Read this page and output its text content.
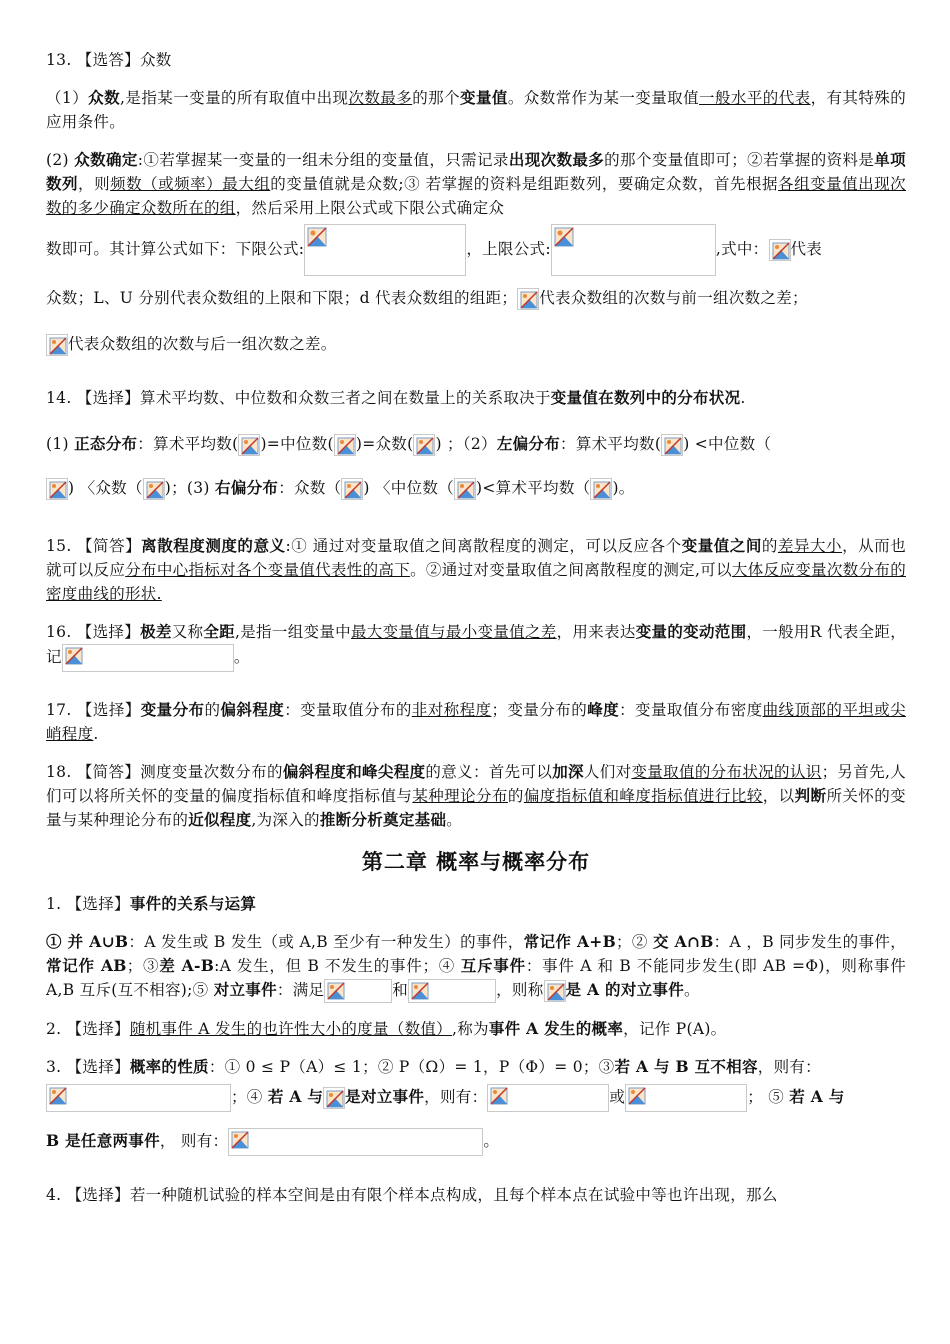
13. 【选答】众数

（1）众数,是指某一变量的所有取值中出现次数最多的那个变量值。众数常作为某一变量取值一般水平的代表，有其特殊的应用条件。

(2) 众数确定:①若掌握某一变量的一组未分组的变量值，只需记录出现次数最多的那个变量值即可；②若掌握的资料是单项数列，则频数（或频率）最大组的变量值就是众数;③ 若掌握的资料是组距数列，要确定众数，首先根据各组变量值出现次数的多少确定众数所在的组，然后采用上限公式或下限公式确定众

数即可。其计算公式如下：下限公式:	，上限公式:	,式中： 代表

众数；L、U 分别代表众数组的上限和下限；d 代表众数组的组距； 代表众数组的次数与前一组次数之差；

代表众数组的次数与后一组次数之差。

14. 【选择】算术平均数、中位数和众数三者之间在数量上的关系取决于变量值在数列中的分布状况.

(1) 正态分布：算术平均数( )=中位数( )=众数( ) ；（2）左偏分布：算术平均数( ) <中位数（

) 〈众数（ )；(3) 右偏分布：众数（ ) 〈中位数（ )<算术平均数（ )。

15. 【简答】离散程度测度的意义:① 通过对变量取值之间离散程度的测定，可以反应各个变量值之间的差异大小，从而也就可以反应分布中心指标对各个变量值代表性的高下。②通过对变量取值之间离散程度的测定,可以大体反应变量次数分布的密度曲线的形状.

16. 【选择】极差又称全距,是指一组变量中最大变量值与最小变量值之差，用来表达变量的变动范围，一般用R 代表全距，记	。

17. 【选择】变量分布的偏斜程度：变量取值分布的非对称程度；变量分布的峰度：变量取值分布密度曲线顶部的平坦或尖峭程度.

18. 【简答】测度变量次数分布的偏斜程度和峰尖程度的意义：首先可以加深人们对变量取值的分布状况的认识；另首先,人们可以将所关怀的变量的偏度指标值和峰度指标值与某种理论分布的偏度指标值和峰度指标值进行比较，以判断所关怀的变量与某种理论分布的近似程度,为深入的推断分析奠定基础。

第二章 概率与概率分布

1. 【选择】事件的关系与运算

① 并 A∪B：A 发生或 B 发生（或 A,B 至少有一种发生）的事件，常记作 A+B；② 交 A∩B：A ，B 同步发生的事件，常记作 AB；③差 A-B:A 发生，但 B 不发生的事件；④ 互斥事件：事件 A 和 B 不能同步发生(即 AB =Φ)，则称事件 A,B 互斥(互不相容);⑤ 对立事件：满足	和	，则称 是 A 的对立事件。

2. 【选择】随机事件 A 发生的也许性大小的度量（数值）,称为事件 A 发生的概率，记作 P(A)。

3. 【选择】概率的性质：① 0 ≤ P（A）≤ 1；② P（Ω）= 1，P（Φ）= 0；③若 A 与 B 互不相容，则有：

；④ 若 A 与 是对立事件，则有：	或	； ⑤ 若 A 与

B 是任意两事件， 则有：	。

4. 【选择】若一种随机试验的样本空间是由有限个样本点构成，且每个样本点在试验中等也许出现，那么
